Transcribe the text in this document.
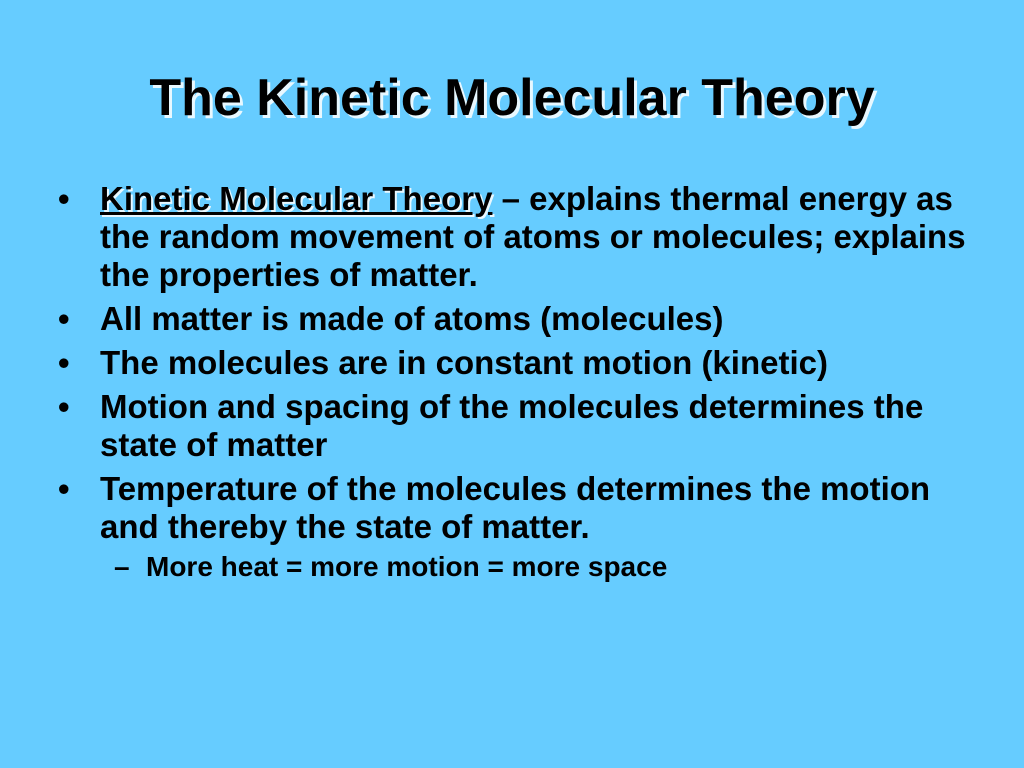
The Kinetic Molecular Theory
• Kinetic Molecular Theory – explains thermal energy as the random movement of atoms or molecules; explains the properties of matter.
• All matter is made of atoms (molecules)
• The molecules are in constant motion (kinetic)
• Motion and spacing of the molecules determines the state of matter
• Temperature of the molecules determines the motion and thereby the state of matter.
– More heat = more motion = more space
